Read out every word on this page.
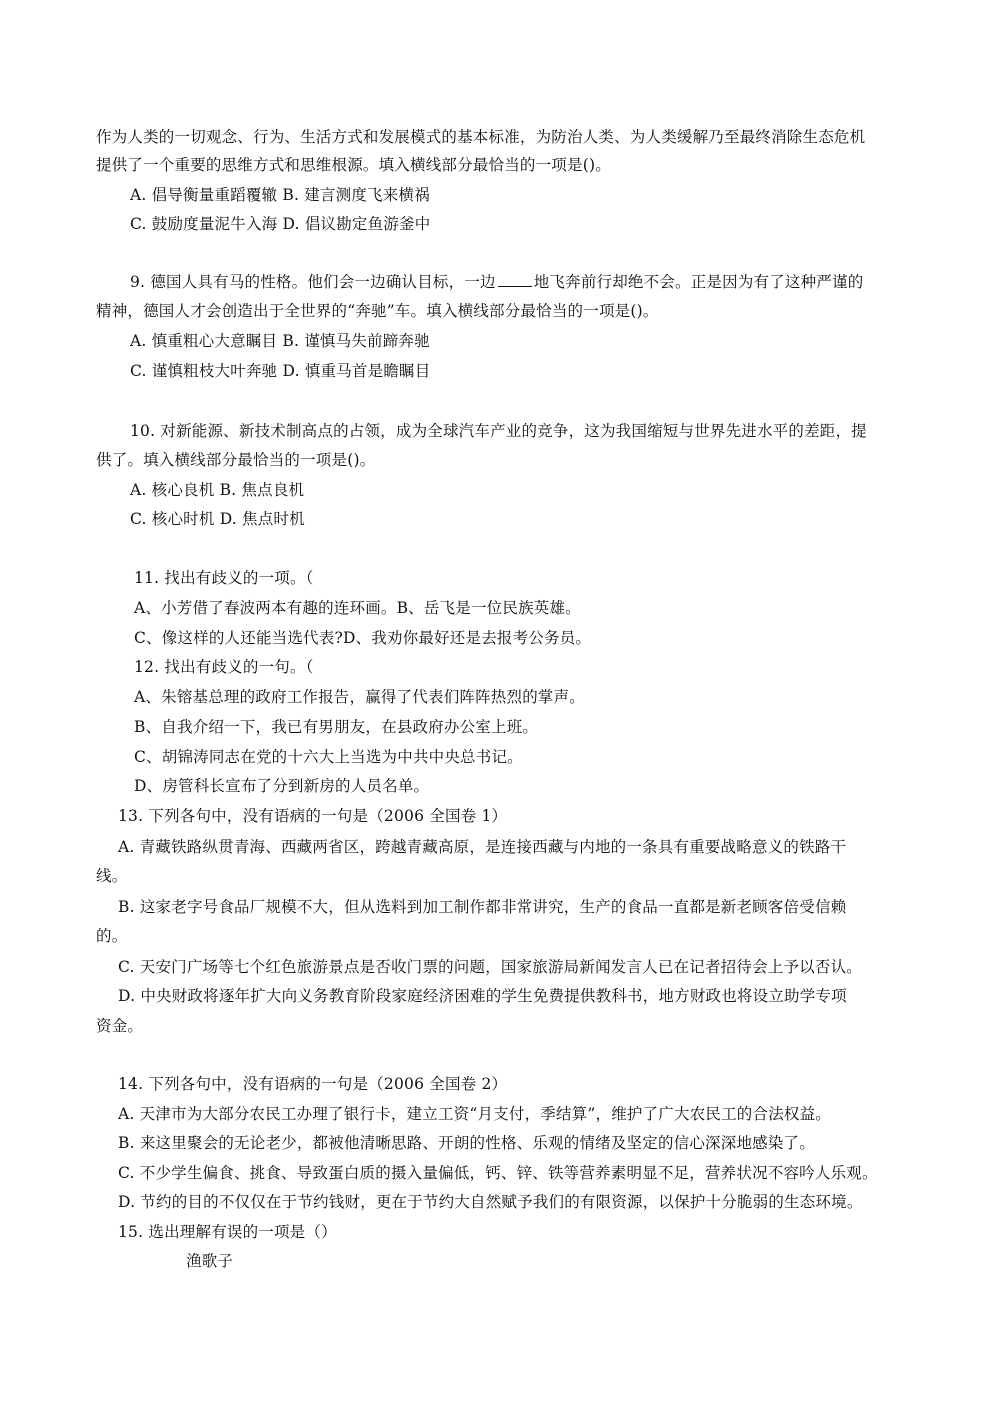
作为人类的一切观念、行为、生活方式和发展模式的基本标准，为防治人类、为人类缓解乃至最终消除生态危机
提供了一个重要的思维方式和思维根源。填入横线部分最恰当的一项是()。
A. 倡导衡量重蹈覆辙 B. 建言测度飞来横祸
C. 鼓励度量泥牛入海 D. 倡议勘定鱼游釜中
9. 德国人具有马的性格。他们会一边确认目标，一边 地飞奔前行却绝不会。正是因为有了这种严谨的
精神，德国人才会创造出于全世界的“奔驰”车。填入横线部分最恰当的一项是()。
A. 慎重粗心大意瞩目 B. 谨慎马失前蹄奔驰
C. 谨慎粗枝大叶奔驰 D. 慎重马首是瞻瞩目
10. 对新能源、新技术制高点的占领，成为全球汽车产业的竞争，这为我国缩短与世界先进水平的差距，提
供了。填入横线部分最恰当的一项是()。
A. 核心良机 B. 焦点良机
C. 核心时机 D. 焦点时机
11. 找出有歧义的一项。（
A、小芳借了春波两本有趣的连环画。B、岳飞是一位民族英雄。
C、像这样的人还能当选代表?D、我劝你最好还是去报考公务员。
12. 找出有歧义的一句。（
A、朱镕基总理的政府工作报告，赢得了代表们阵阵热烈的掌声。
B、自我介绍一下，我已有男朋友，在县政府办公室上班。
C、胡锦涛同志在党的十六大上当选为中共中央总书记。
D、房管科长宣布了分到新房的人员名单。
13. 下列各句中，没有语病的一句是（2006 全国卷 1）
A. 青藏铁路纵贯青海、西藏两省区，跨越青藏高原，是连接西藏与内地的一条具有重要战略意义的铁路干
线。
B. 这家老字号食品厂规模不大，但从选料到加工制作都非常讲究，生产的食品一直都是新老顾客倍受信赖
的。
C. 天安门广场等七个红色旅游景点是否收门票的问题，国家旅游局新闻发言人已在记者招待会上予以否认。
D. 中央财政将逐年扩大向义务教育阶段家庭经济困难的学生免费提供教科书，地方财政也将设立助学专项
资金。
14. 下列各句中，没有语病的一句是（2006 全国卷 2）
A. 天津市为大部分农民工办理了银行卡，建立工资“月支付，季结算”，维护了广大农民工的合法权益。
B. 来这里聚会的无论老少，都被他清晰思路、开朗的性格、乐观的情绪及坚定的信心深深地感染了。
C. 不少学生偏食、挑食、导致蛋白质的摄入量偏低，钙、锌、铁等营养素明显不足，营养状况不容吟人乐观。
D. 节约的目的不仅仅在于节约钱财，更在于节约大自然赋予我们的有限资源，以保护十分脆弱的生态环境。
15. 选出理解有误的一项是（）
渔歌子
